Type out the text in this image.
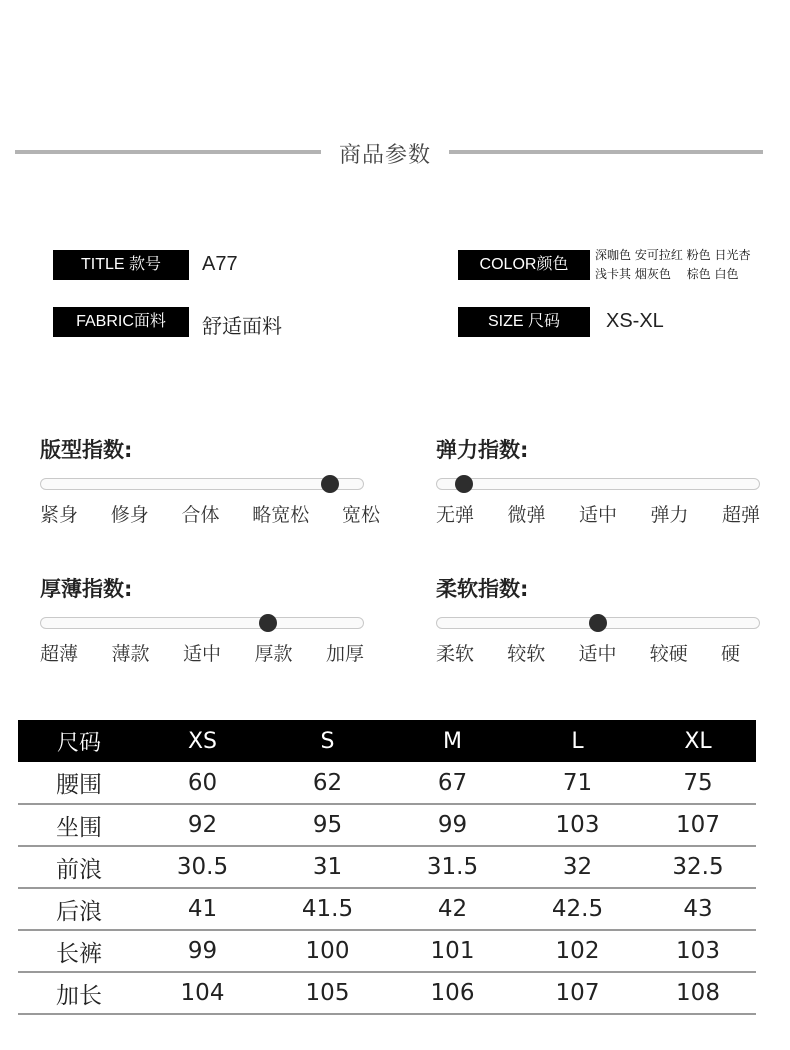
商品参数
TITLE 款号	A77
FABRIC面料	舒适面料
COLOR颜色
深咖色 安可拉红 粉色 日光杏
浅卡其 烟灰色　 棕色 白色
SIZE 尺码	XS-XL
版型指数:
紧身 修身 合体 略宽松 宽松
弹力指数:
无弹 微弹 适中 弹力 超弹
厚薄指数:
超薄 薄款 适中 厚款 加厚
柔软指数:
柔软 较软 适中 较硬 硬
尺码	XS	S	M	L	XL
腰围	60	62	67	71	75
坐围	92	95	99	103	107
前浪	30.5	31	31.5	32	32.5
后浪	41	41.5	42	42.5	43
长裤	99	100	101	102	103
加长	104	105	106	107	108
